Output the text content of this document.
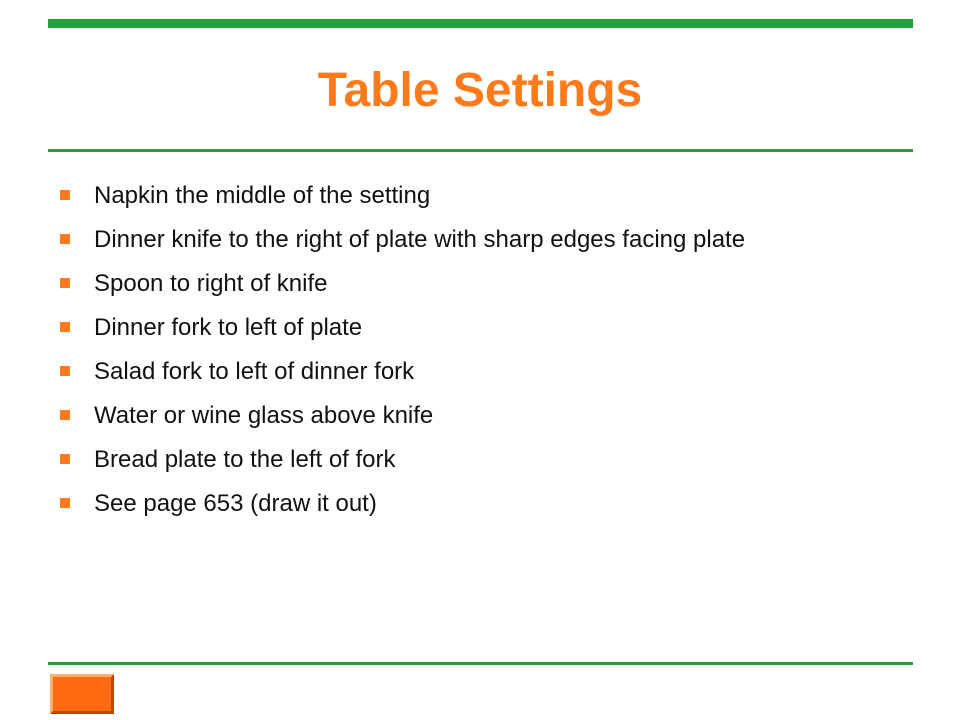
Table Settings
Napkin the middle of the setting
Dinner knife to the right of plate with sharp edges facing plate
Spoon to right of knife
Dinner fork to left of plate
Salad fork to left of dinner fork
Water or wine glass above knife
Bread plate to the left of fork
See page 653 (draw it out)
